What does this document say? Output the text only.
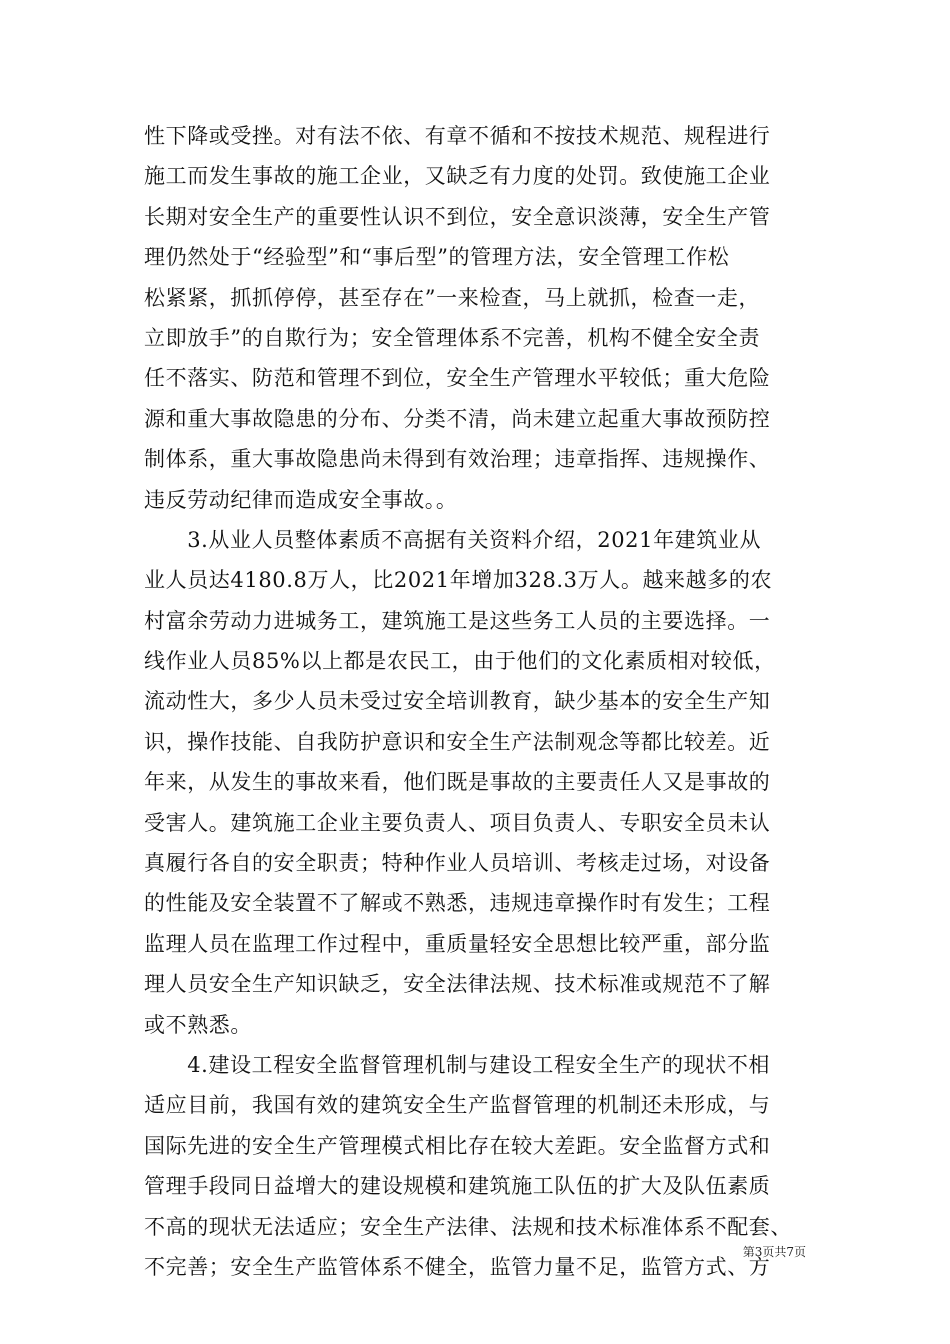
性下降或受挫。对有法不依、有章不循和不按技术规范、规程进行
施工而发生事故的施工企业，又缺乏有力度的处罚。致使施工企业
长期对安全生产的重要性认识不到位，安全意识淡薄，安全生产管
理仍然处于“经验型”和“事后型”的管理方法，安全管理工作松
松紧紧，抓抓停停，甚至存在”一来检查，马上就抓，检查一走，
立即放手”的自欺行为；安全管理体系不完善，机构不健全安全责
任不落实、防范和管理不到位，安全生产管理水平较低；重大危险
源和重大事故隐患的分布、分类不清，尚未建立起重大事故预防控
制体系，重大事故隐患尚未得到有效治理；违章指挥、违规操作、
违反劳动纪律而造成安全事故。。
　　3.从业人员整体素质不高据有关资料介绍，2021年建筑业从
业人员达4180.8万人，比2021年增加328.3万人。越来越多的农
村富余劳动力进城务工，建筑施工是这些务工人员的主要选择。一
线作业人员85%以上都是农民工，由于他们的文化素质相对较低，
流动性大，多少人员未受过安全培训教育，缺少基本的安全生产知
识，操作技能、自我防护意识和安全生产法制观念等都比较差。近
年来，从发生的事故来看，他们既是事故的主要责任人又是事故的
受害人。建筑施工企业主要负责人、项目负责人、专职安全员未认
真履行各自的安全职责；特种作业人员培训、考核走过场，对设备
的性能及安全装置不了解或不熟悉，违规违章操作时有发生；工程
监理人员在监理工作过程中，重质量轻安全思想比较严重，部分监
理人员安全生产知识缺乏，安全法律法规、技术标准或规范不了解
或不熟悉。
　　4.建设工程安全监督管理机制与建设工程安全生产的现状不相
适应目前，我国有效的建筑安全生产监督管理的机制还未形成，与
国际先进的安全生产管理模式相比存在较大差距。安全监督方式和
管理手段同日益增大的建设规模和建筑施工队伍的扩大及队伍素质
不高的现状无法适应；安全生产法律、法规和技术标准体系不配套、
不完善；安全生产监管体系不健全，监管力量不足，监管方式、方
第3页共7页
